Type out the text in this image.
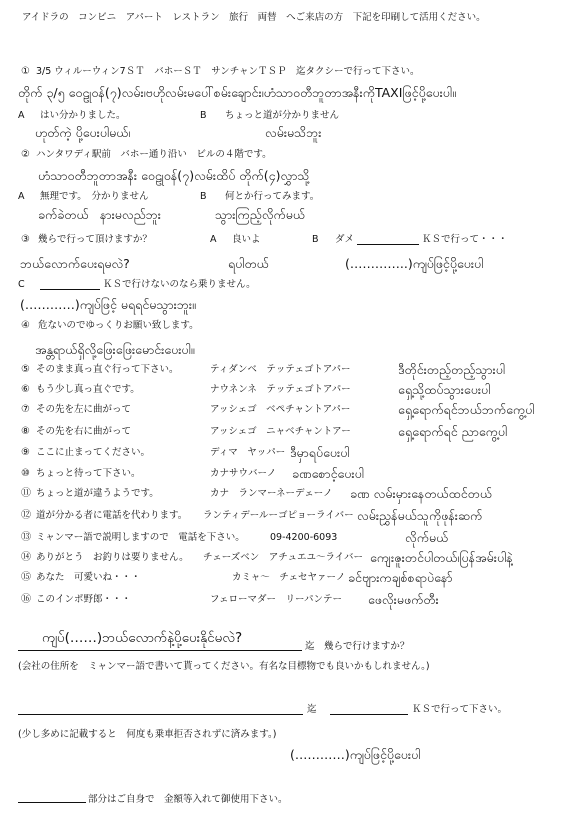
アイドラの　コンビニ　アパート　レストラン　旅行　両替　へご来店の方　下記を印刷して活用ください。
① 3/5 ウィルーウィン7ＳＴ　バホーＳＴ　サンチャンＴＳＰ　迄タクシーで行って下さい。
တိုက် ၃/၅ ဝေဠုဝန်(၇)လမ်း၊ဗဟိုလမ်းမပေါ်စမ်းချောင်း၊ဟံသာဝတီဘူတာအနီးကိုTAXIဖြင့်ပို့ပေးပါ။
A はい分かりました。	B ちょっと道が分かりません
ဟုတ်ကဲ့ ပို့ပေးပါမယ်၊	လမ်းမသိဘူး
② ハンタワディ駅前　バホー通り沿い　ビルの４階です。
ဟံသာဝတီဘူတာအနီး ဝေဠုဝန်(၇)လမ်းထိပ် တိုက်(၄)လွှာသို့
A 無理です。　分かりません	B 何とか行ってみます。
ခက်ခဲတယ် နားမလည်ဘူး	သွားကြည့်လိုက်မယ်
③ 幾らで行って頂けますか？	A 良いよ	B ダメ	ＫＳで行って・・・
ဘယ်လောက်ပေးရမလဲ?	ရပါတယ်	(…………..)ကျပ်ဖြင့်ပို့ပေးပါ
C	ＫＳで行けないのなら乗りません。
(…………)ကျပ်ဖြင့် မရရင်မသွားဘူး။
④ 危ないのでゆっくりお願い致します。
အန္တရာယ်ရှိလို့ဖြေးဖြေးမောင်းပေးပါ။
⑤ そのまま真っ直ぐ行って下さい。	ティダンベ　テッテェゴトアパー	ဒီတိုင်းတည့်တည့်သွားပါ
⑥ もう少し真っ直ぐです。	ナウネンネ　テッテェゴトアパー	ရှေ့သို့ထပ်သွားပေးပါ
⑦ その先を左に曲がって	アッシェゴ　ベペチャントアパー	ရှေ့ရောက်ရင်ဘယ်ဘက်ကွေ့ပါ
⑧ その先を右に曲がって	アッシェゴ　ニャベチャントアー	ရှေ့ရောက်ရင် ညာကွေ့ပါ
⑨ ここに止まってください。	ディマ　ヤッパー ဒီမှာရပ်ပေးပါ
⑩ ちょっと待って下さい。	カナサウバーノ ခဏစောင့်ပေးပါ
⑪ ちょっと道が違うようです。	カナ　ランマーネーデェーノ ခဏ လမ်းမှားနေတယ်ထင်တယ်
⑫ 道が分かる者に電話を代わります。 ランティデールーゴピョーライバー လမ်းညွှန်မယ်သူကိုဖုန်းဆက်
⑬ ミャンマー語で説明しますので　電話を下さい。	09-4200-6093	လိုက်မယ်
⑭ ありがとう　お釣りは要りません。 チェーズベン　アチュエユ～ライバー ကျေးဇူးတင်ပါတယ်၊ပြန်အမ်းပါနဲ့
⑮ あなた　可愛いね・・・	カミャ～　チェセヤァーノ ခင်ဗျားကချစ်စရာပဲနော်
⑯ このインポ野郎・・・	フェローマダー　リーパンテー ဖေလိုးမဖက်တီး
ကျပ်(……)ဘယ်လောက်နဲ့ပို့ပေးနိုင်မလဲ?
迄　幾らで行けますか？
(会社の住所を　ミャンマー語で書いて貰ってください。有名な目標物でも良いかもしれません。)
迄	ＫＳで行って下さい。
(少し多めに記載すると　何度も乗車拒否されずに済みます。)
(…………)ကျပ်ဖြင့်ပို့ပေးပါ
部分はご自身で　金額等入れて御使用下さい。
